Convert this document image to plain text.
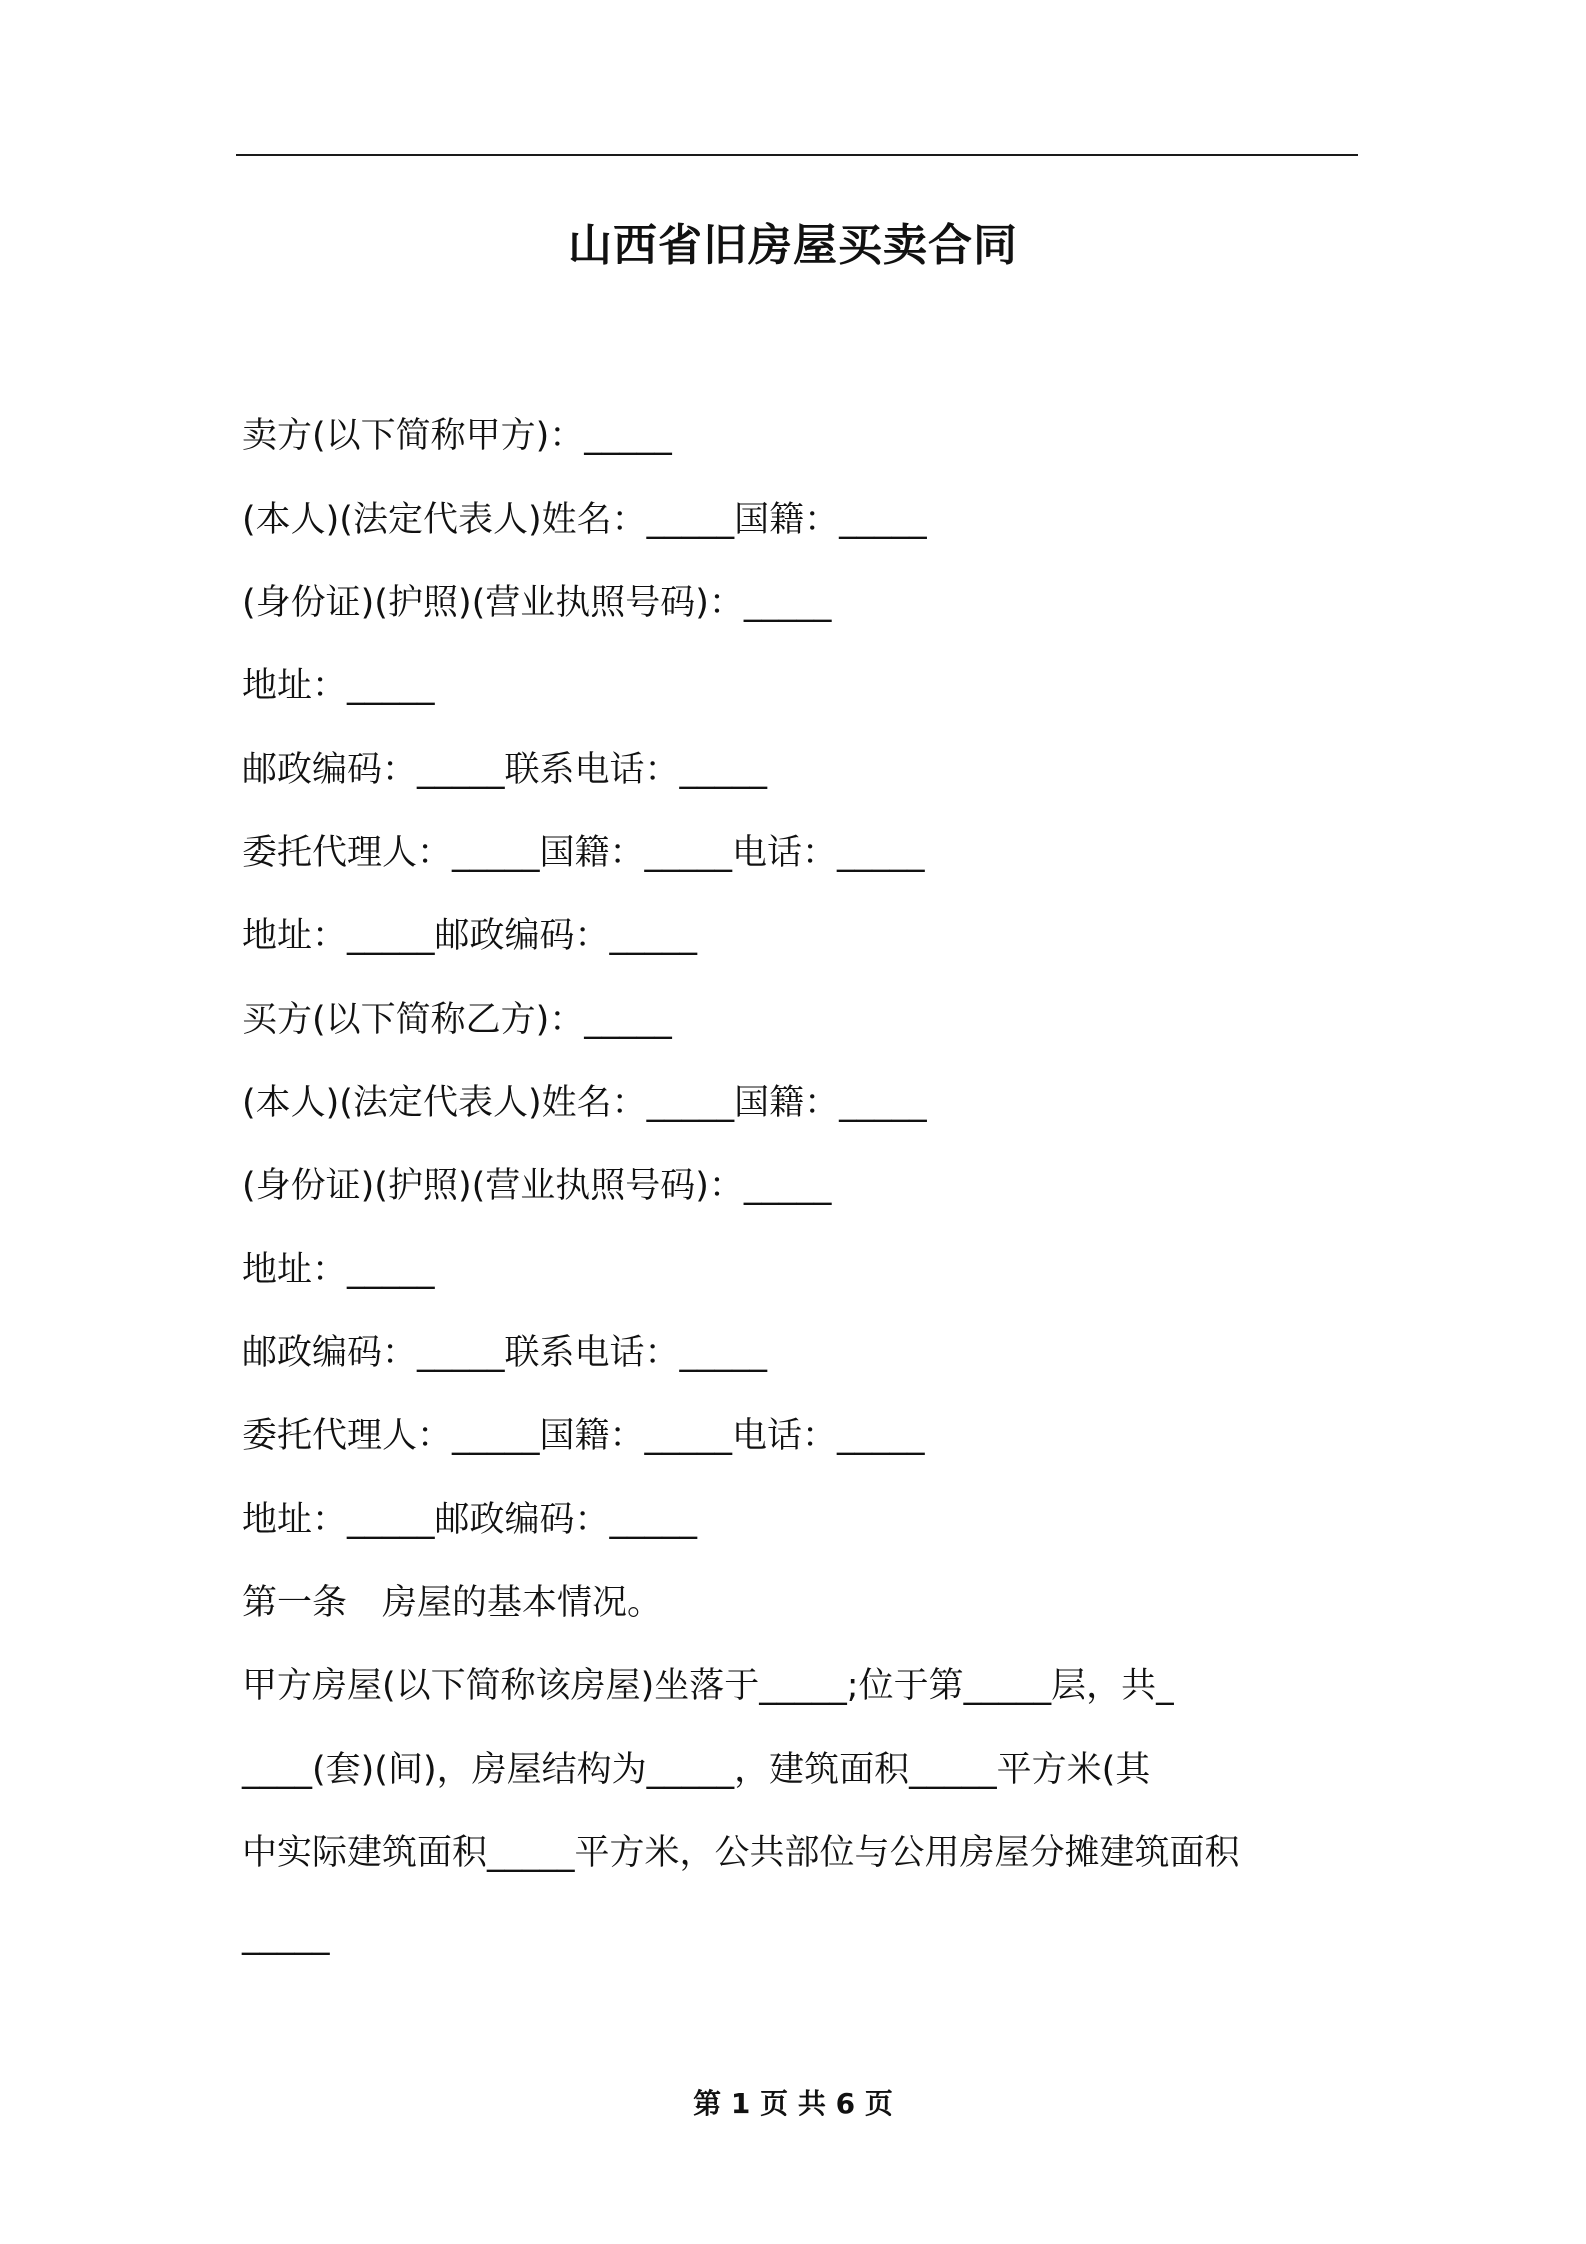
山西省旧房屋买卖合同
卖方(以下简称甲方)：_____
(本人)(法定代表人)姓名：_____国籍：_____
(身份证)(护照)(营业执照号码)：_____
地址：_____
邮政编码：_____联系电话：_____
委托代理人：_____国籍：_____电话：_____
地址：_____邮政编码：_____
买方(以下简称乙方)：_____
(本人)(法定代表人)姓名：_____国籍：_____
(身份证)(护照)(营业执照号码)：_____
地址：_____
邮政编码：_____联系电话：_____
委托代理人：_____国籍：_____电话：_____
地址：_____邮政编码：_____
第一条　房屋的基本情况。
甲方房屋(以下简称该房屋)坐落于_____;位于第_____层，共_
____(套)(间)，房屋结构为_____，建筑面积_____平方米(其
中实际建筑面积_____平方米，公共部位与公用房屋分摊建筑面积
_____
第 1 页 共 6 页
